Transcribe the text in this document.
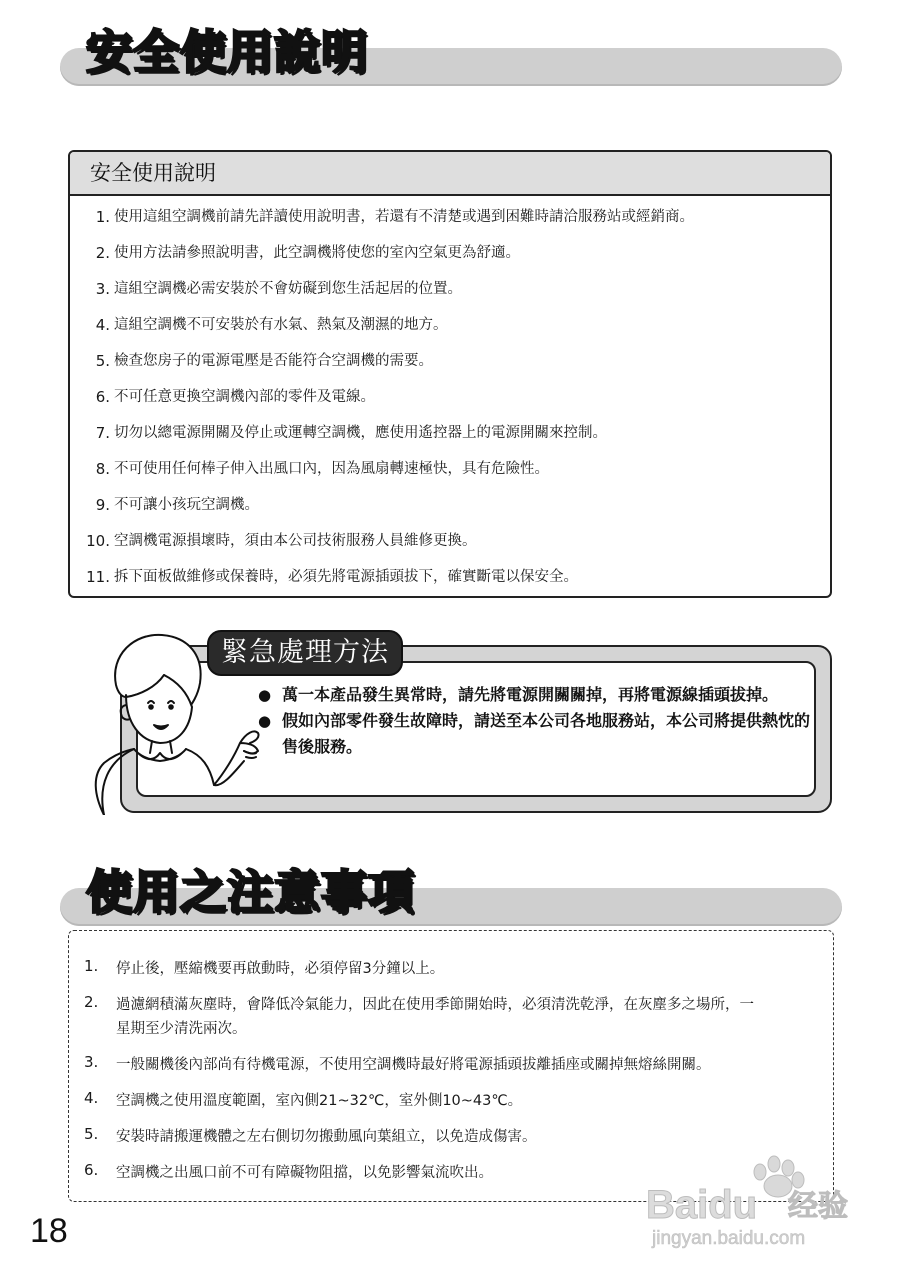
安全使用說明
安全使用說明
1. 使用這組空調機前請先詳讀使用說明書，若還有不清楚或遇到困難時請洽服務站或經銷商。
2. 使用方法請參照說明書，此空調機將使您的室內空氣更為舒適。
3. 這組空調機必需安裝於不會妨礙到您生活起居的位置。
4. 這組空調機不可安裝於有水氣、熱氣及潮濕的地方。
5. 檢查您房子的電源電壓是否能符合空調機的需要。
6. 不可任意更換空調機內部的零件及電線。
7. 切勿以總電源開關及停止或運轉空調機，應使用遙控器上的電源開關來控制。
8. 不可使用任何棒子伸入出風口內，因為風扇轉速極快，具有危險性。
9. 不可讓小孩玩空調機。
10. 空調機電源損壞時，須由本公司技術服務人員維修更換。
11. 拆下面板做維修或保養時，必須先將電源插頭拔下，確實斷電以保安全。
緊急處理方法
● 萬一本產品發生異常時，請先將電源開關關掉，再將電源線插頭拔掉。
● 假如內部零件發生故障時，請送至本公司各地服務站，本公司將提供熱忱的售後服務。
使用之注意事項
1.	停止後，壓縮機要再啟動時，必須停留3分鐘以上。
2.	過濾網積滿灰塵時，會降低冷氣能力，因此在使用季節開始時，必須清洗乾淨，在灰塵多之場所，一星期至少清洗兩次。
3.	一般關機後內部尚有待機電源，不使用空調機時最好將電源插頭拔離插座或關掉無熔絲開關。
4.	空調機之使用溫度範圍，室內側21~32℃，室外側10~43℃。
5.	安裝時請搬運機體之左右側切勿搬動風向葉組立，以免造成傷害。
6.	空調機之出風口前不可有障礙物阻擋，以免影響氣流吹出。
18
Baidu 经验
jingyan.baidu.com
